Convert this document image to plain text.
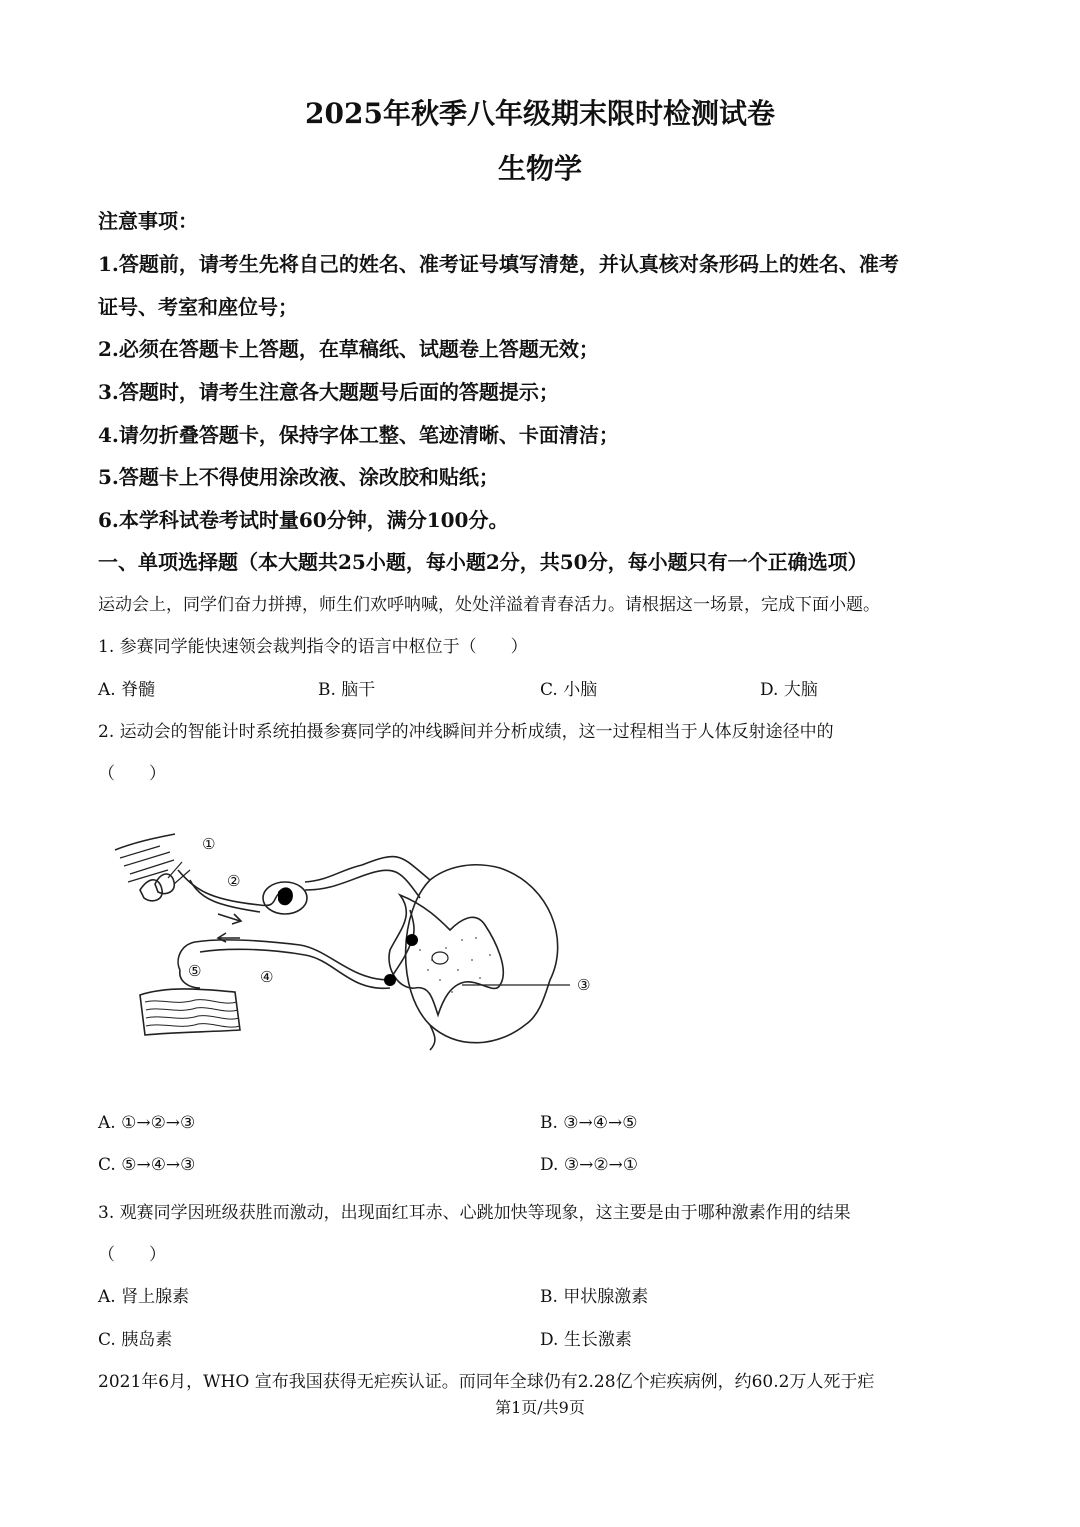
2025年秋季八年级期末限时检测试卷
生物学

注意事项：

1.答题前，请考生先将自己的姓名、准考证号填写清楚，并认真核对条形码上的姓名、准考

证号、考室和座位号；

2.必须在答题卡上答题，在草稿纸、试题卷上答题无效；

3.答题时，请考生注意各大题题号后面的答题提示；

4.请勿折叠答题卡，保持字体工整、笔迹清晰、卡面清洁；

5.答题卡上不得使用涂改液、涂改胶和贴纸；

6.本学科试卷考试时量60分钟，满分100分。

一、单项选择题（本大题共25小题，每小题2分，共50分，每小题只有一个正确选项）

运动会上，同学们奋力拼搏，师生们欢呼呐喊，处处洋溢着青春活力。请根据这一场景，完成下面小题。

1. 参赛同学能快速领会裁判指令的语言中枢位于（　　）

A. 脊髓	B. 脑干	C. 小脑	D. 大脑

2. 运动会的智能计时系统拍摄参赛同学的冲线瞬间并分析成绩，这一过程相当于人体反射途径中的

（　　）

①
②
③
④
⑤

A. ①→②→③	B. ③→④→⑤

C. ⑤→④→③	D. ③→②→①

3. 观赛同学因班级获胜而激动，出现面红耳赤、心跳加快等现象，这主要是由于哪种激素作用的结果

（　　）

A. 肾上腺素	B. 甲状腺激素

C. 胰岛素	D. 生长激素

2021年6月，WHO 宣布我国获得无疟疾认证。而同年全球仍有2.28亿个疟疾病例，约60.2万人死于疟

第1页/共9页
